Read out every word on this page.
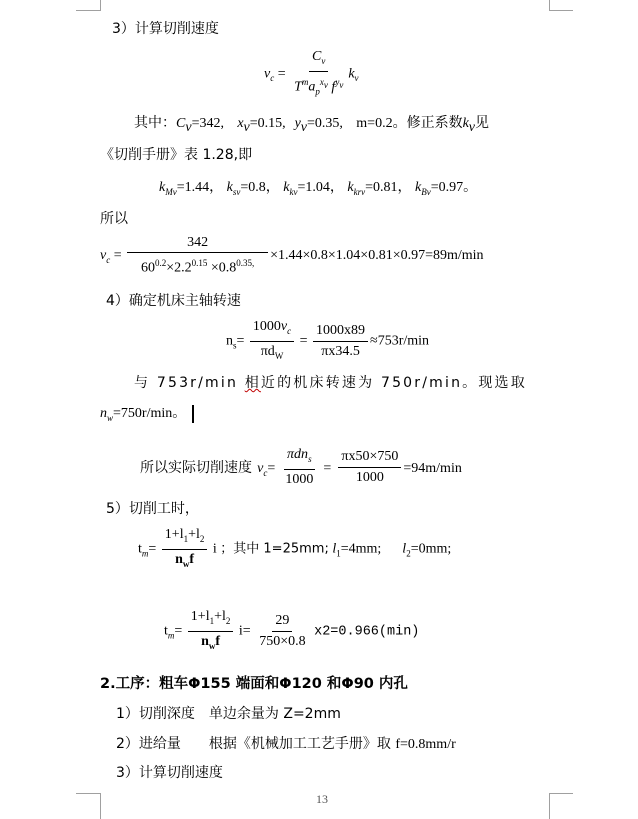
3）计算切削速度
$v_c = \frac{C_v}{T^ma_p^{x_v} f^{y_v}} k_v$
其中：$C_v=342$, $x_v=0.15$, $y_v=0.35$, m=0.2。修正系数$k_v$见
《切削手册》表 1.28,即
$k_{Mv}=1.44$， $k_{sv}=0.8$， $k_{kv}=1.04$， $k_{krv}=0.81$， $k_{Bv}=0.97$。
所以
$v_c = \frac{342}{60^{0.2}\times 2.2^{0.15} \times 0.8^{0.35,}} \times 1.44\times 0.8\times 1.04\times 0.81\times 0.97=89m/\min$
4）确定机床主轴转速
$n_s= \frac{1000v_c}{\pi d_W} = \frac{1000x89}{\pi x34.5} \approx 753r/\min$
与 753r/min 相近的机床转速为 750r/min。现选取
$n_w=750r/\min$。
所以实际切削速度 $v_c= \frac{\pi dn_s}{1000} = \frac{\pi x50\times 750}{1000} =94m/\min$
5）切削工时，
$t_m= \frac{1+l_1+l_2}{n_wf}$ i ；其中 1=25mm; $l_1=4mm$; $l_2=0mm$;
$t_m= \frac{1+l_1+l_2}{n_wf} i= \frac{29}{750\times 0.8} x2=0.966(\min)$
2.工序：粗车Φ155 端面和Φ120 和Φ90 内孔
1）切削深度　单边余量为 Z=2mm
2）进给量　　根据《机械加工工艺手册》取 f=0.8mm/r
3）计算切削速度
13
